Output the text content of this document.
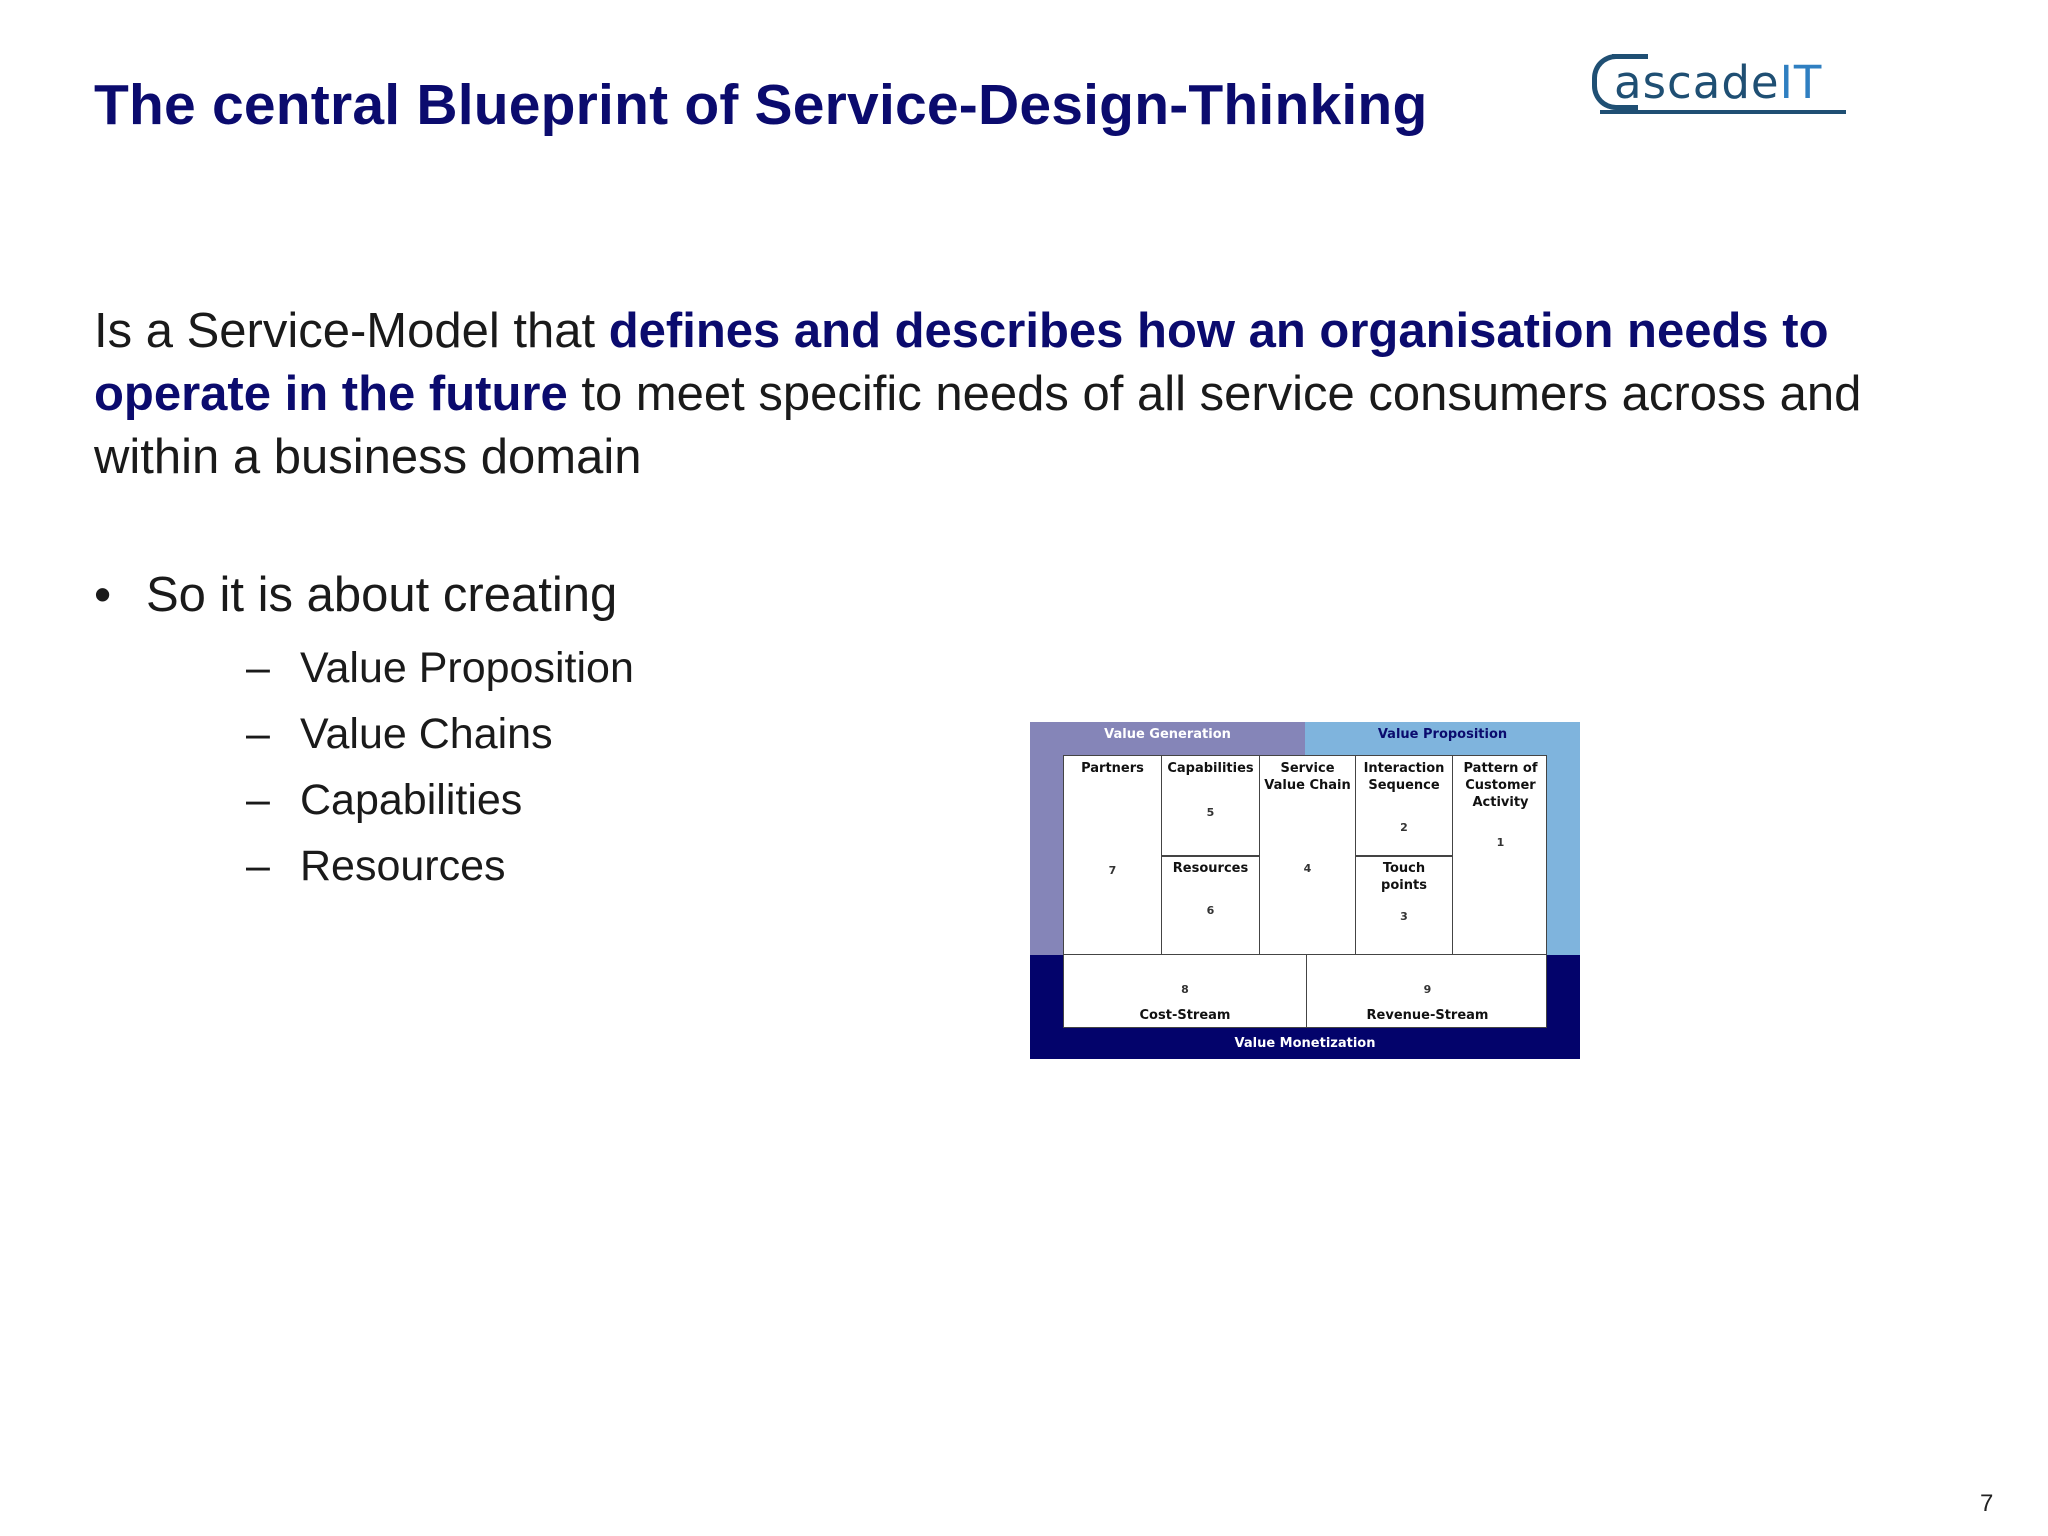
The central Blueprint of Service-Design-Thinking	ascadeIT

Is a Service-Model that defines and describes how an organisation needs to operate in the future to meet specific needs of all service consumers across and within a business domain

• So it is about creating
– Value Proposition
– Value Chains
– Capabilities
– Resources
Value Generation	Value Proposition
Value Monetization
Partners
7
Capabilities
5
Resources
6
Service
Value Chain
4
Interaction
Sequence
2
Touch
points
3
Pattern of
Customer
Activity
1
8
Cost-Stream
9
Revenue-Stream
7
